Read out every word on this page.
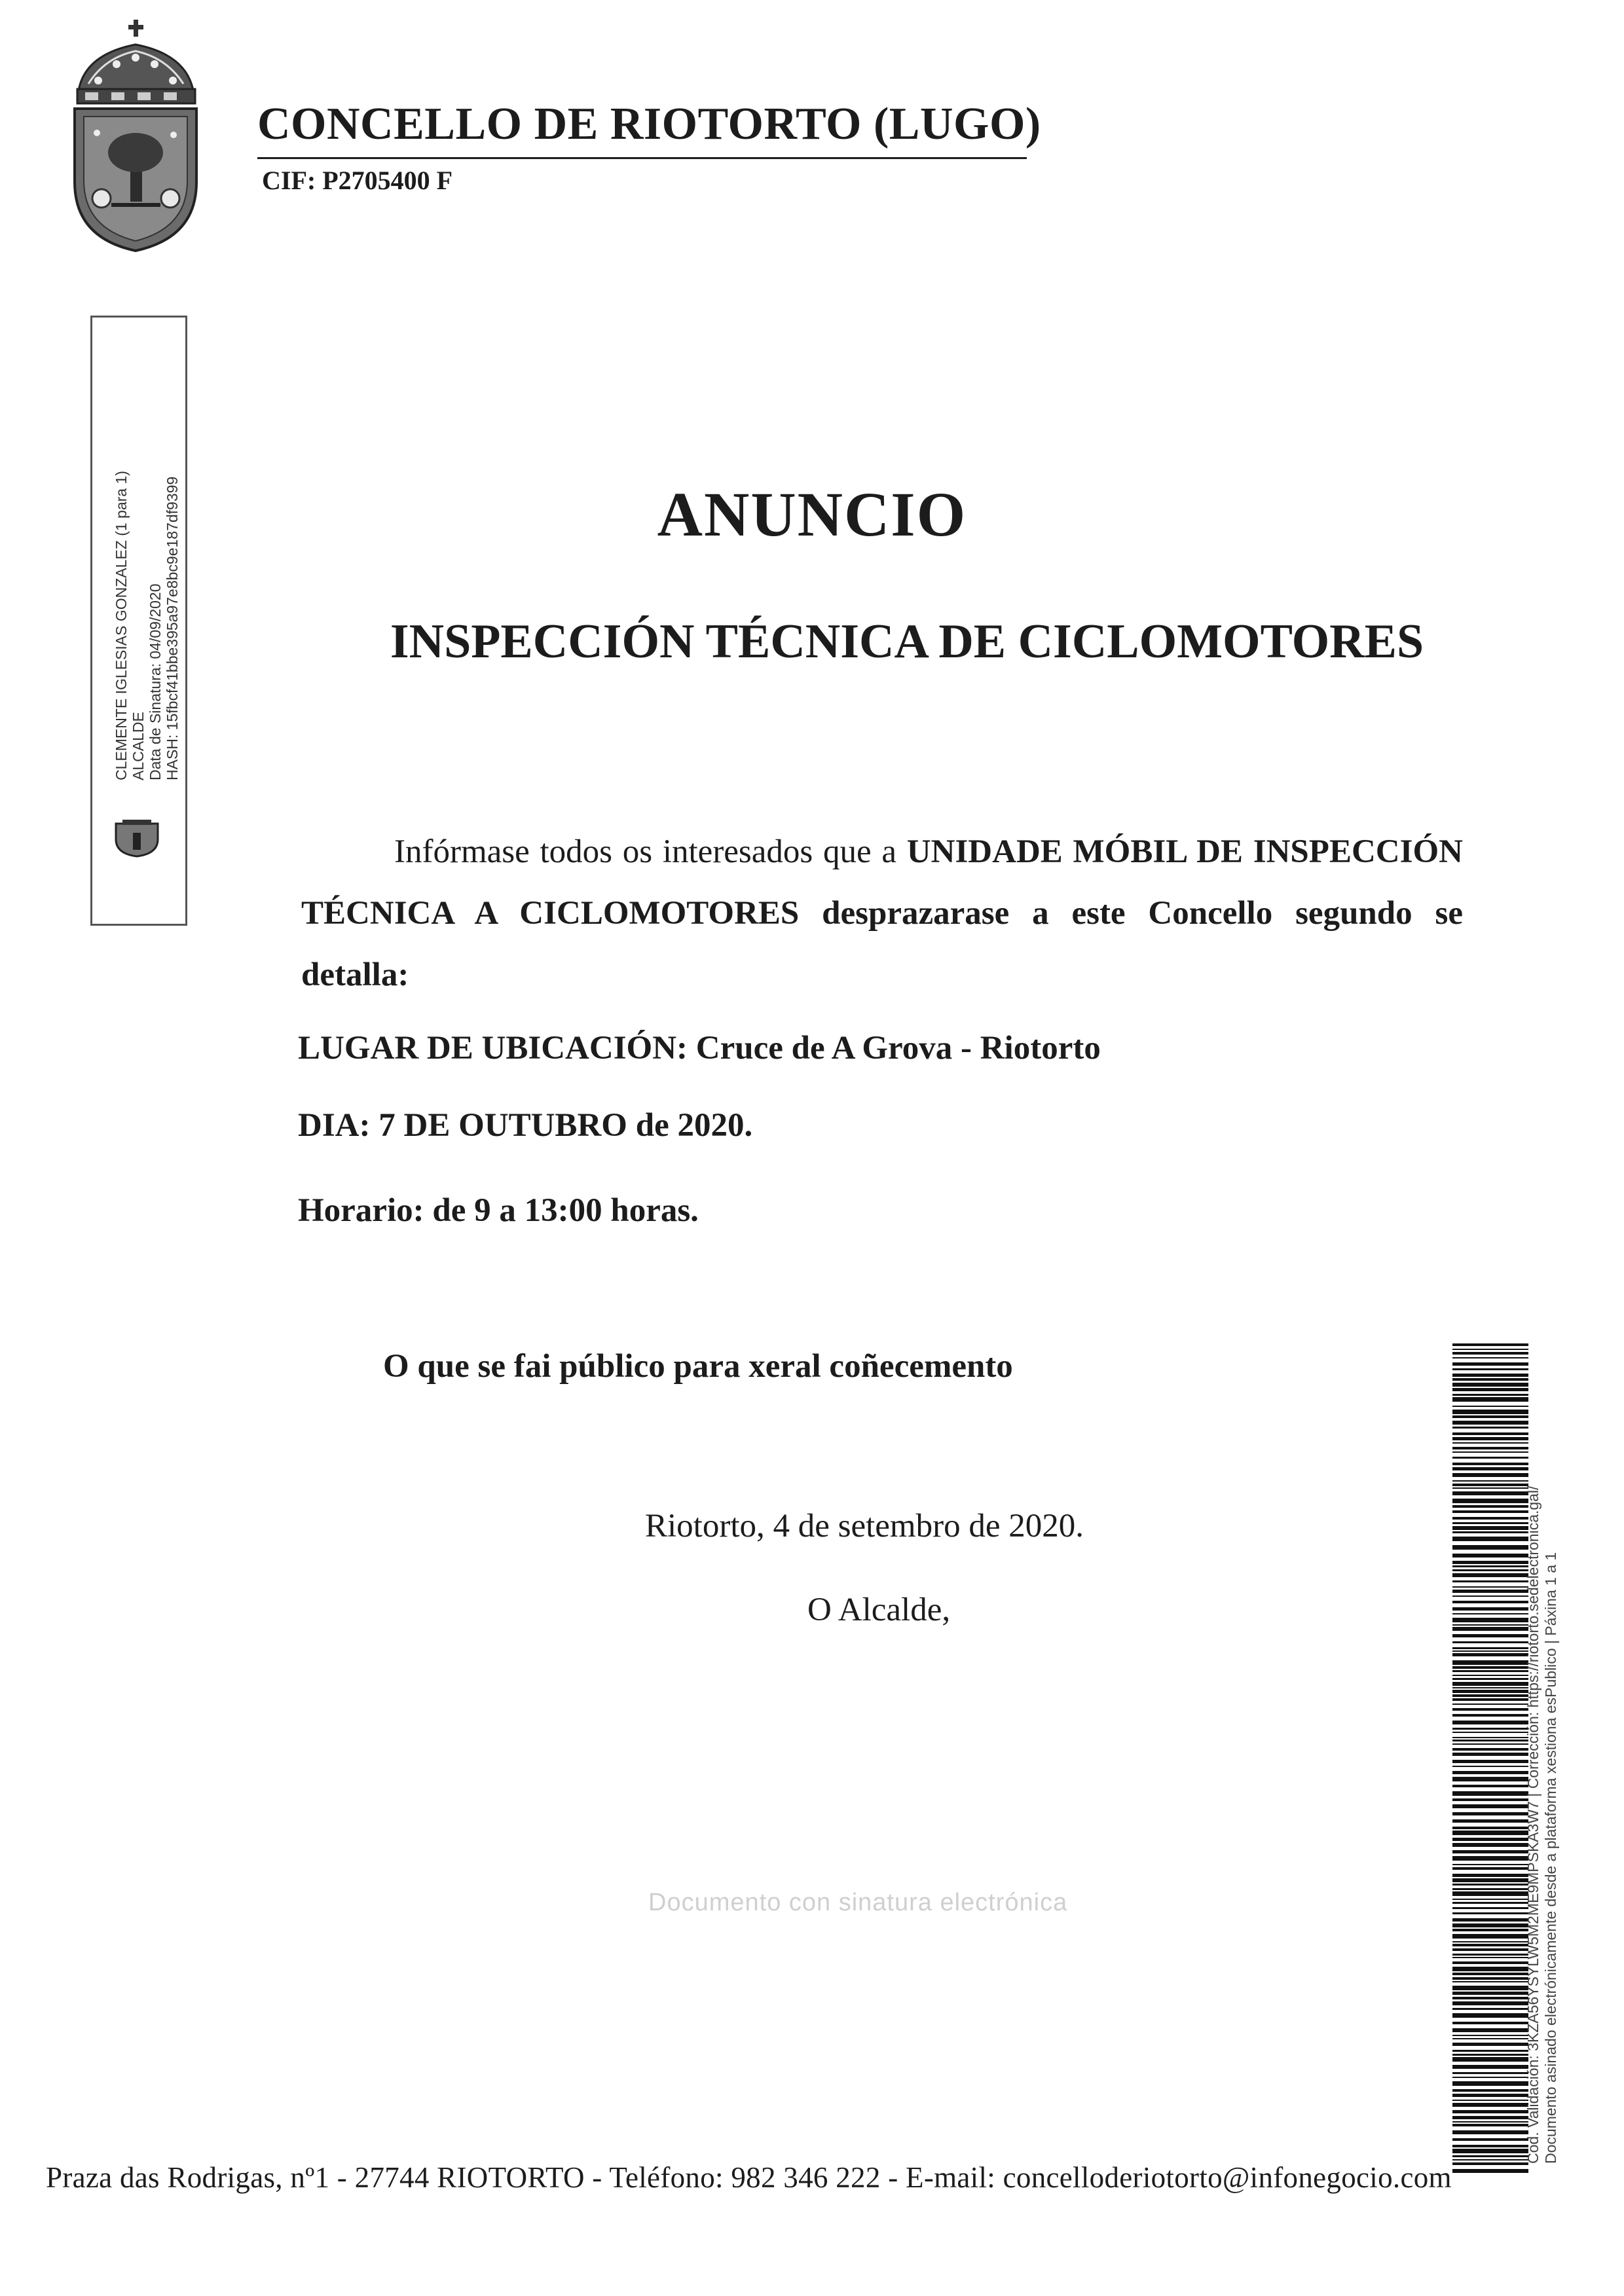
CONCELLO DE RIOTORTO (LUGO)
CIF: P2705400 F
CLEMENTE IGLESIAS GONZALEZ (1 para 1) ALCALDE Data de Sinatura: 04/09/2020 HASH: 15fbcf41bbe395a97e8bc9e187df9399	ANUNCIO
INSPECCIÓN TÉCNICA DE CICLOMOTORES
Infórmase todos os interesados que a UNIDADE MÓBIL DE INSPECCIÓN TÉCNICA A CICLOMOTORES desprazarase a este Concello segundo se detalla:
LUGAR DE UBICACIÓN: Cruce de A Grova - Riotorto
DIA: 7 DE OUTUBRO de 2020.
Horario: de 9 a 13:00 horas.
O que se fai público para xeral coñecemento
Riotorto, 4 de setembro de 2020.
O Alcalde,
Documento con sinatura electrónica	Cod. Validación: 3KZA56YSYLW5M2ME9MPSKA3W7 | Corrección: https://riotorto.sedelectronica.gal/ Documento asinado electrónicamente desde a plataforma xestiona esPublico | Páxina 1 a 1
Praza das Rodrigas, nº1 - 27744 RIOTORTO - Teléfono: 982 346 222 - E-mail: concelloderiotorto@infonegocio.com
